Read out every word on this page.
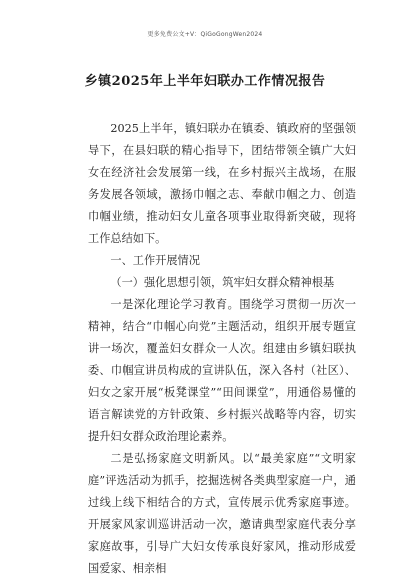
更多免费公文+V：QiGoGongWen2024
乡镇2025年上半年妇联办工作情况报告

2025上半年，镇妇联办在镇委、镇政府的坚强领导下，在县妇联的精心指导下，团结带领全镇广大妇女在经济社会发展第一线，在乡村振兴主战场，在服务发展各领域，激扬巾帼之志、奉献巾帼之力、创造巾帼业绩，推动妇女儿童各项事业取得新突破，现将工作总结如下。

一、工作开展情况

（一）强化思想引领，筑牢妇女群众精神根基

一是深化理论学习教育。围绕学习贯彻一历次一精神，结合“巾帼心向党”主题活动，组织开展专题宣讲一场次，覆盖妇女群众一人次。组建由乡镇妇联执委、巾帼宣讲员构成的宣讲队伍，深入各村（社区）、妇女之家开展“板凳课堂”“田间课堂”，用通俗易懂的语言解读党的方针政策、乡村振兴战略等内容，切实提升妇女群众政治理论素养。

二是弘扬家庭文明新风。以“最美家庭”“文明家庭”评选活动为抓手，挖掘选树各类典型家庭一户，通过线上线下相结合的方式，宣传展示优秀家庭事迹。开展家风家训巡讲活动一次，邀请典型家庭代表分享家庭故事，引导广大妇女传承良好家风，推动形成爱国爱家、相亲相
